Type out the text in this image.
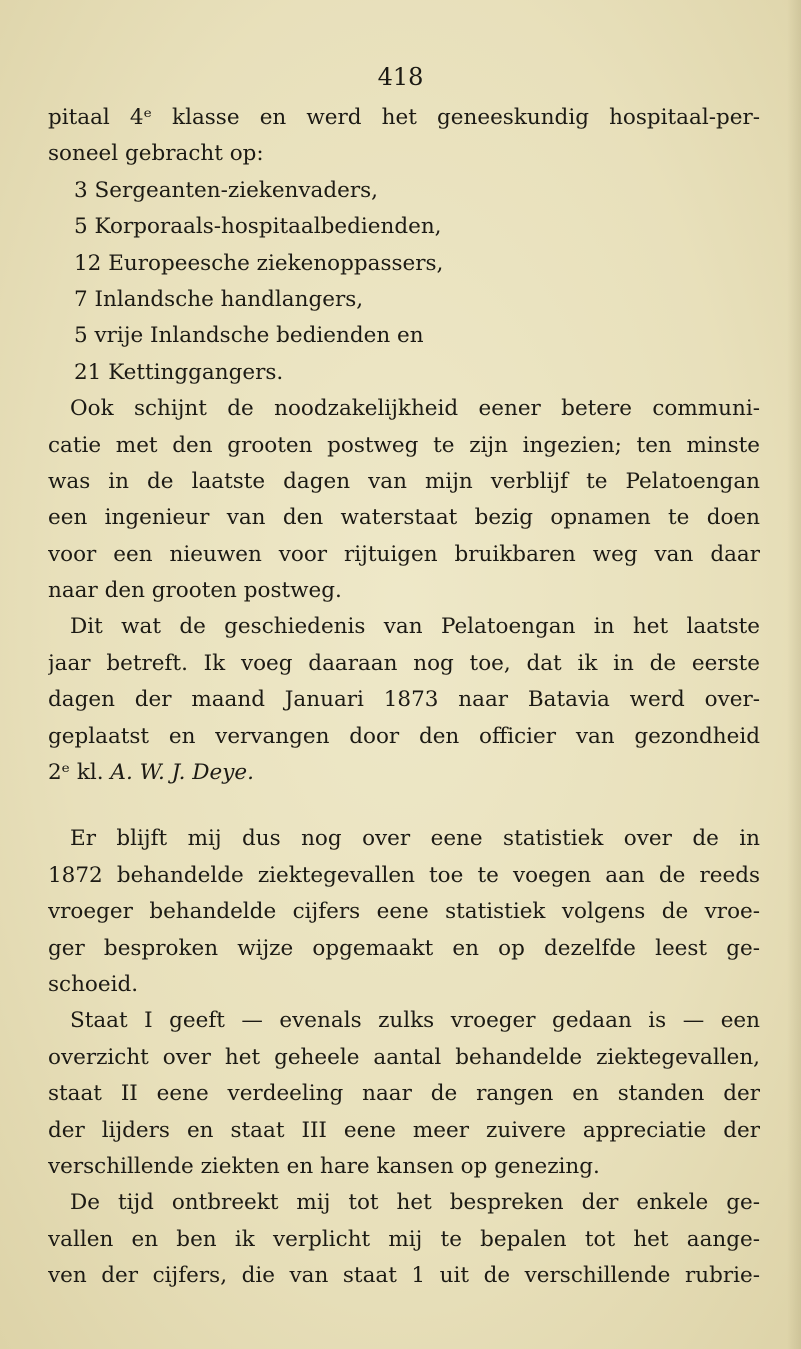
418
pitaal 4ᵉ klasse en werd het geneeskundig hospitaal-per-
soneel gebracht op:
3 Sergeanten-ziekenvaders,
5 Korporaals-hospitaalbedienden,
12 Europeesche ziekenoppassers,
7 Inlandsche handlangers,
5 vrije Inlandsche bedienden en
21 Kettinggangers.
Ook schijnt de noodzakelijkheid eener betere communi-
catie met den grooten postweg te zijn ingezien; ten minste
was in de laatste dagen van mijn verblijf te Pelatoengan
een ingenieur van den waterstaat bezig opnamen te doen
voor een nieuwen voor rijtuigen bruikbaren weg van daar
naar den grooten postweg.
Dit wat de geschiedenis van Pelatoengan in het laatste
jaar betreft. Ik voeg daaraan nog toe, dat ik in de eerste
dagen der maand Januari 1873 naar Batavia werd over-
geplaatst en vervangen door den officier van gezondheid
2ᵉ kl. A. W. J. Deye.
Er blijft mij dus nog over eene statistiek over de in
1872 behandelde ziektegevallen toe te voegen aan de reeds
vroeger behandelde cijfers eene statistiek volgens de vroe-
ger besproken wijze opgemaakt en op dezelfde leest ge-
schoeid.
Staat I geeft — evenals zulks vroeger gedaan is — een
overzicht over het geheele aantal behandelde ziektegevallen,
staat II eene verdeeling naar de rangen en standen der
der lijders en staat III eene meer zuivere appreciatie der
verschillende ziekten en hare kansen op genezing.
De tijd ontbreekt mij tot het bespreken der enkele ge-
vallen en ben ik verplicht mij te bepalen tot het aange-
ven der cijfers, die van staat 1 uit de verschillende rubrie-
